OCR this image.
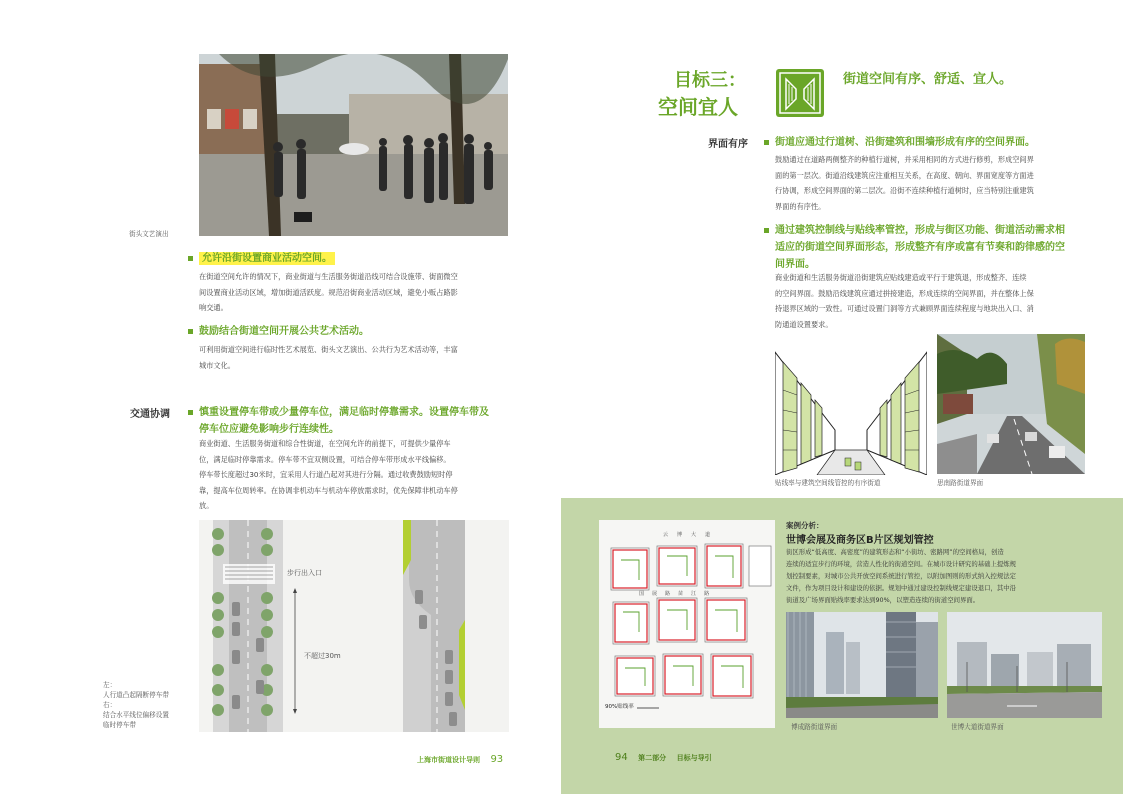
街头文艺演出
允许沿街设置商业活动空间。
在街道空间允许的情况下，商业街道与生活服务街道沿线可结合设施带、街面微空
间设置商业活动区域，增加街道活跃度。规范沿街商业活动区域，避免小贩占路影
响交通。
鼓励结合街道空间开展公共艺术活动。
可利用街道空间进行临时性艺术展览、街头文艺演出、公共行为艺术活动等，丰富
城市文化。
交通协调	慎重设置停车带或少量停车位，满足临时停靠需求。设置停车带及
停车位应避免影响步行连续性。
商业街道、生活服务街道和综合性街道，在空间允许的前提下，可提供少量停车
位，满足临时停靠需求。停车带不宜双侧设置，可结合停车带形成水平线偏移。
停车带长度超过30米时，宜采用人行道凸起对其进行分隔。通过收费鼓励短时停
靠，提高车位周转率。在协调非机动车与机动车停放需求时，优先保障非机动车停
放。
步行出入口
不超过30m
左：
人行道凸起隔断停车带
右：
结合水平线位偏移设置
临时停车带
上海市街道设计导则 93
目标三：
空间宜人
街道空间有序、舒适、宜人。
界面有序	街道应通过行道树、沿街建筑和围墙形成有序的空间界面。
鼓励通过在道路两侧整齐的种植行道树，并采用相同的方式进行修剪，形成空间界
面的第一层次。街道沿线建筑应注重相互关系，在高度、朝向、界面宽度等方面进
行协调，形成空间界面的第二层次。沿街不连续种植行道树时，应当特别注重建筑
界面的有序性。
通过建筑控制线与贴线率管控，形成与街区功能、街道活动需求相
适应的街道空间界面形态，形成整齐有序或富有节奏和韵律感的空
间界面。
商业街道和生活服务街道沿街建筑应贴线建造或平行于建筑退，形成整齐、连续
的空间界面。鼓励沿线建筑应通过拼接建造，形成连续的空间界面，并在整体上保
持退界区域的一致性。可通过设置门洞等方式兼顾界面连续程度与地块出入口、消
防通道设置要求。
贴线率与建筑空间线管控的有序街道	思南路街道界面
云博大道
国展路苗江路
90%贴线率
案例分析：
世博会展及商务区B片区规划管控
街区形成“低高度、高密度”的建筑形态和“小街坊、密路网”的空间格局，创造
连续的适宜步行的环境，营造人性化的街道空间。在城市设计研究的基础上提炼规
划控制要素，对城市公共开放空间系统进行管控，以附加图则的形式纳入控规法定
文件，作为项目设计和建设的依据。规划中通过建设控制线规定建设退口，其中沿
街道及广场界面贴线率要求达到90%，以塑造连续的街道空间界面。
博成路街道界面	世博大道街道界面
94 第二部分 目标与导引
